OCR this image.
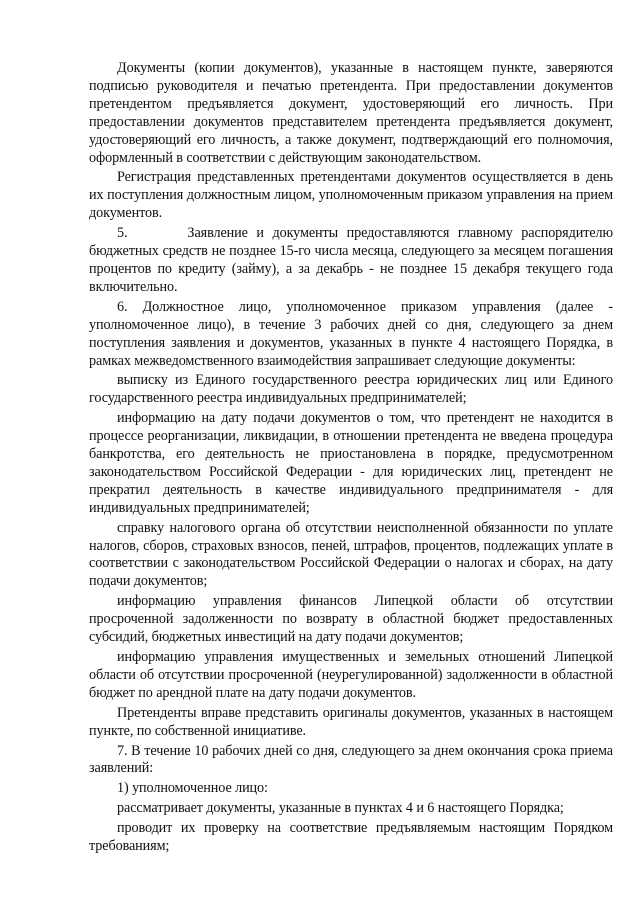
Документы (копии документов), указанные в настоящем пункте, заверяются подписью руководителя и печатью претендента. При предоставлении документов претендентом предъявляется документ, удостоверяющий его личность. При предоставлении документов представителем претендента предъявляется документ, удостоверяющий его личность, а также документ, подтверждающий его полномочия, оформленный в соответствии с действующим законодательством.

Регистрация представленных претендентами документов осуществляется в день их поступления должностным лицом, уполномоченным приказом управления на прием документов.

5.       Заявление и документы предоставляются главному распорядителю бюджетных средств не позднее 15-го числа месяца, следующего за месяцем погашения процентов по кредиту (займу), а за декабрь - не позднее 15 декабря текущего года включительно.

6. Должностное лицо, уполномоченное приказом управления (далее - уполномоченное лицо), в течение 3 рабочих дней со дня, следующего за днем поступления заявления и документов, указанных в пункте 4 настоящего Порядка, в рамках межведомственного взаимодействия запрашивает следующие документы:

выписку из Единого государственного реестра юридических лиц или Единого государственного реестра индивидуальных предпринимателей;

информацию на дату подачи документов о том, что претендент не находится в процессе реорганизации, ликвидации, в отношении претендента не введена процедура банкротства, его деятельность не приостановлена в порядке, предусмотренном законодательством Российской Федерации - для юридических лиц, претендент не прекратил деятельность в качестве индивидуального предпринимателя - для индивидуальных предпринимателей;

справку налогового органа об отсутствии неисполненной обязанности по уплате налогов, сборов, страховых взносов, пеней, штрафов, процентов, подлежащих уплате в соответствии с законодательством Российской Федерации о налогах и сборах, на дату подачи документов;

информацию управления финансов Липецкой области об отсутствии просроченной задолженности по возврату в областной бюджет предоставленных субсидий, бюджетных инвестиций на дату подачи документов;

информацию управления имущественных и земельных отношений Липецкой области об отсутствии просроченной (неурегулированной) задолженности в областной бюджет по арендной плате на дату подачи документов.

Претенденты вправе представить оригиналы документов, указанных в настоящем пункте, по собственной инициативе.

7. В течение 10 рабочих дней со дня, следующего за днем окончания срока приема заявлений:

1) уполномоченное лицо:

рассматривает документы, указанные в пунктах 4 и 6 настоящего Порядка;

проводит их проверку на соответствие предъявляемым настоящим Порядком требованиям;
